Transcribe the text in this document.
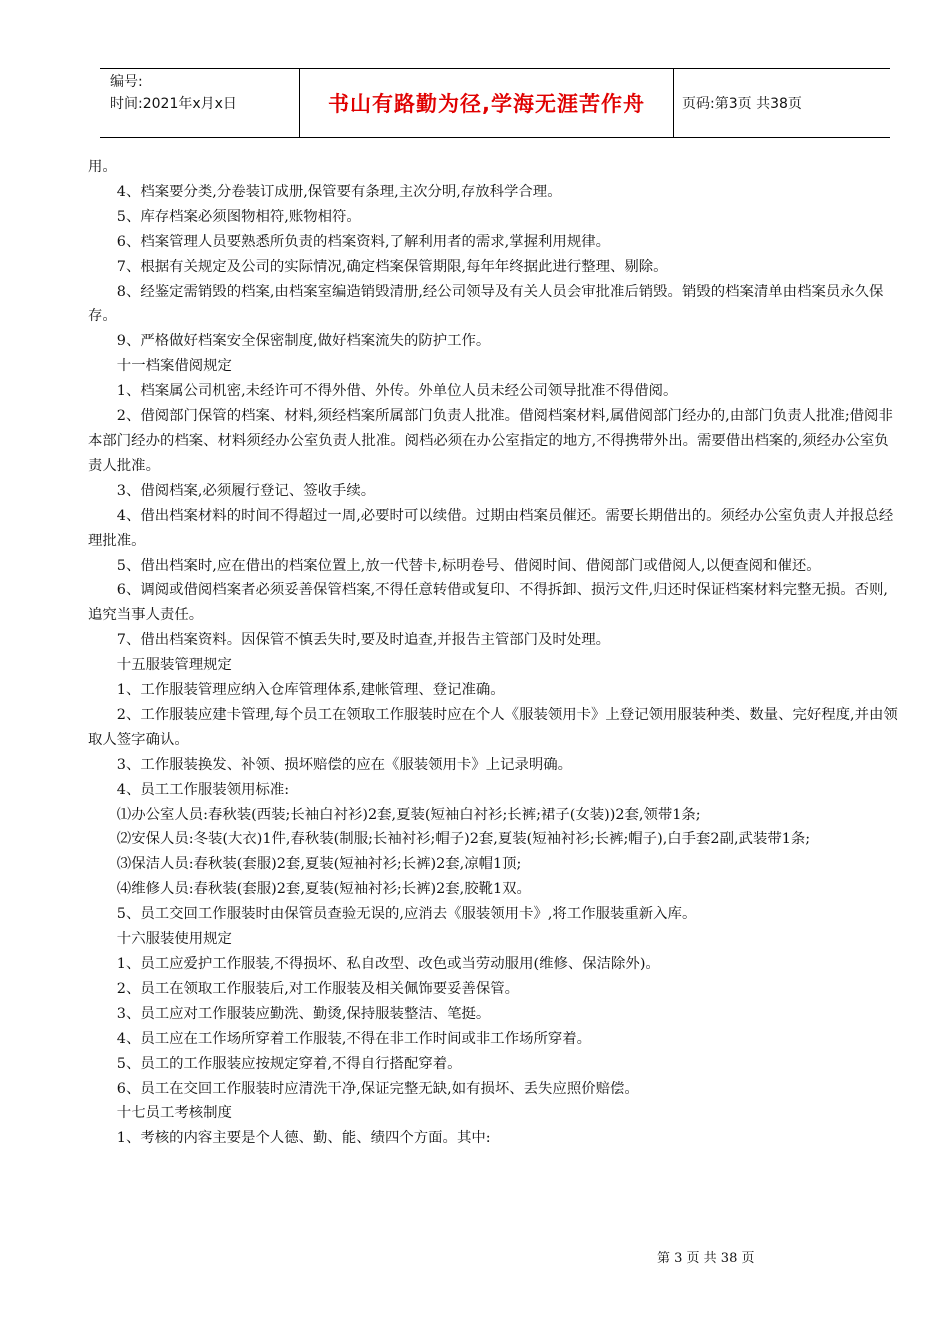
编号:
时间:2021年x月x日	书山有路勤为径,学海无涯苦作舟	页码:第3页 共38页

用。

4、档案要分类,分卷装订成册,保管要有条理,主次分明,存放科学合理。

5、库存档案必须图物相符,账物相符。

6、档案管理人员要熟悉所负责的档案资料,了解利用者的需求,掌握利用规律。

7、根据有关规定及公司的实际情况,确定档案保管期限,每年年终据此进行整理、剔除。

8、经鉴定需销毁的档案,由档案室编造销毁清册,经公司领导及有关人员会审批准后销毁。销毁的档案清单由档案员永久保存。

9、严格做好档案安全保密制度,做好档案流失的防护工作。

十一档案借阅规定

1、档案属公司机密,未经许可不得外借、外传。外单位人员未经公司领导批准不得借阅。

2、借阅部门保管的档案、材料,须经档案所属部门负责人批准。借阅档案材料,属借阅部门经办的,由部门负责人批准;借阅非本部门经办的档案、材料须经办公室负责人批准。阅档必须在办公室指定的地方,不得携带外出。需要借出档案的,须经办公室负责人批准。

3、借阅档案,必须履行登记、签收手续。

4、借出档案材料的时间不得超过一周,必要时可以续借。过期由档案员催还。需要长期借出的。须经办公室负责人并报总经理批准。

5、借出档案时,应在借出的档案位置上,放一代替卡,标明卷号、借阅时间、借阅部门或借阅人,以便查阅和催还。

6、调阅或借阅档案者必须妥善保管档案,不得任意转借或复印、不得拆卸、损污文件,归还时保证档案材料完整无损。否则,追究当事人责任。

7、借出档案资料。因保管不慎丢失时,要及时追查,并报告主管部门及时处理。

十五服装管理规定

1、工作服装管理应纳入仓库管理体系,建帐管理、登记准确。

2、工作服装应建卡管理,每个员工在领取工作服装时应在个人《服装领用卡》上登记领用服装种类、数量、完好程度,并由领取人签字确认。

3、工作服装换发、补领、损坏赔偿的应在《服装领用卡》上记录明确。

4、员工工作服装领用标准:

⑴办公室人员:春秋装(西装;长袖白衬衫)2套,夏装(短袖白衬衫;长裤;裙子(女装))2套,领带1条;

⑵安保人员:冬装(大衣)1件,春秋装(制服;长袖衬衫;帽子)2套,夏装(短袖衬衫;长裤;帽子),白手套2副,武装带1条;

⑶保洁人员:春秋装(套服)2套,夏装(短袖衬衫;长裤)2套,凉帽1顶;

⑷维修人员:春秋装(套服)2套,夏装(短袖衬衫;长裤)2套,胶靴1双。

5、员工交回工作服装时由保管员查验无误的,应消去《服装领用卡》,将工作服装重新入库。

十六服装使用规定

1、员工应爱护工作服装,不得损坏、私自改型、改色或当劳动服用(维修、保洁除外)。

2、员工在领取工作服装后,对工作服装及相关佩饰要妥善保管。

3、员工应对工作服装应勤洗、勤烫,保持服装整洁、笔挺。

4、员工应在工作场所穿着工作服装,不得在非工作时间或非工作场所穿着。

5、员工的工作服装应按规定穿着,不得自行搭配穿着。

6、员工在交回工作服装时应清洗干净,保证完整无缺,如有损坏、丢失应照价赔偿。

十七员工考核制度

1、考核的内容主要是个人德、勤、能、绩四个方面。其中:

第 3 页 共 38 页
